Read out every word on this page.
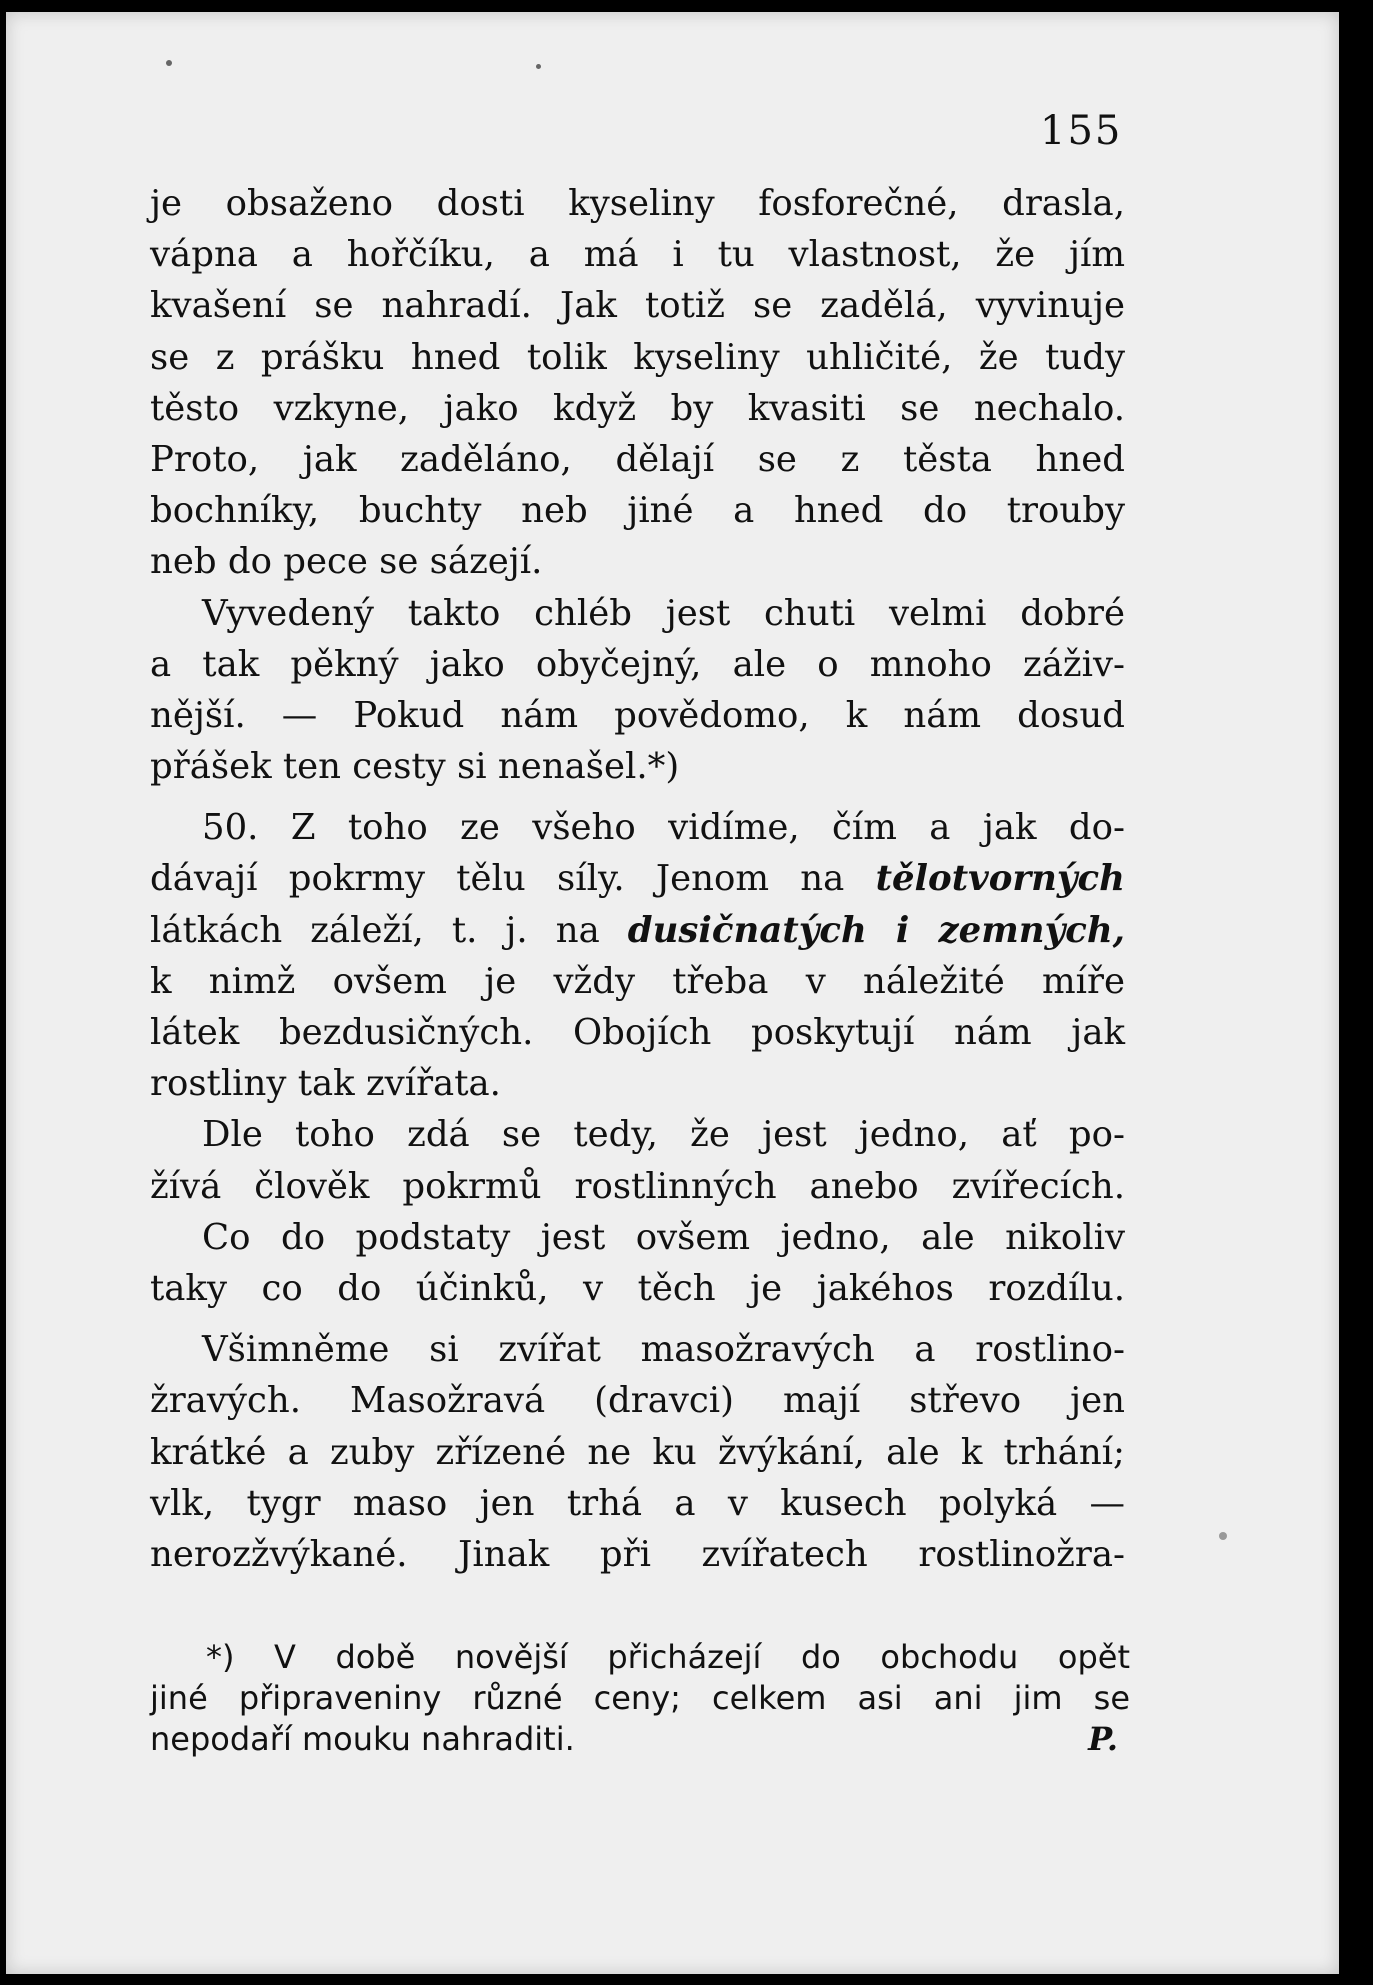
155
je obsaženo dosti kyseliny fosforečné, drasla,
vápna a hořčíku, a má i tu vlastnost, že jím
kvašení se nahradí. Jak totiž se zadělá, vyvinuje
se z prášku hned tolik kyseliny uhličité, že tudy
těsto vzkyne, jako když by kvasiti se nechalo.
Proto, jak zaděláno, dělají se z těsta hned
bochníky, buchty neb jiné a hned do trouby
neb do pece se sázejí.
Vyvedený takto chléb jest chuti velmi dobré
a tak pěkný jako obyčejný, ale o mnoho záživ-
nější. — Pokud nám povědomo, k nám dosud
přášek ten cesty si nenašel.*)
50. Z toho ze všeho vidíme, čím a jak do-
dávají pokrmy tělu síly. Jenom na tělotvorných
látkách záleží, t. j. na dusičnatých i zemných,
k nimž ovšem je vždy třeba v náležité míře
látek bezdusičných. Obojích poskytují nám jak
rostliny tak zvířata.
Dle toho zdá se tedy, že jest jedno, ať po-
žívá člověk pokrmů rostlinných anebo zvířecích.
Co do podstaty jest ovšem jedno, ale nikoliv
taky co do účinků, v těch je jakéhos rozdílu.
Všimněme si zvířat masožravých a rostlino-
žravých. Masožravá (dravci) mají střevo jen
krátké a zuby zřízené ne ku žvýkání, ale k trhání;
vlk, tygr maso jen trhá a v kusech polyká —
nerozžvýkané. Jinak při zvířatech rostlinožra-
*) V době novější přicházejí do obchodu opět
jiné připraveniny různé ceny; celkem asi ani jim se
nepodaří mouku nahraditi.	P.
